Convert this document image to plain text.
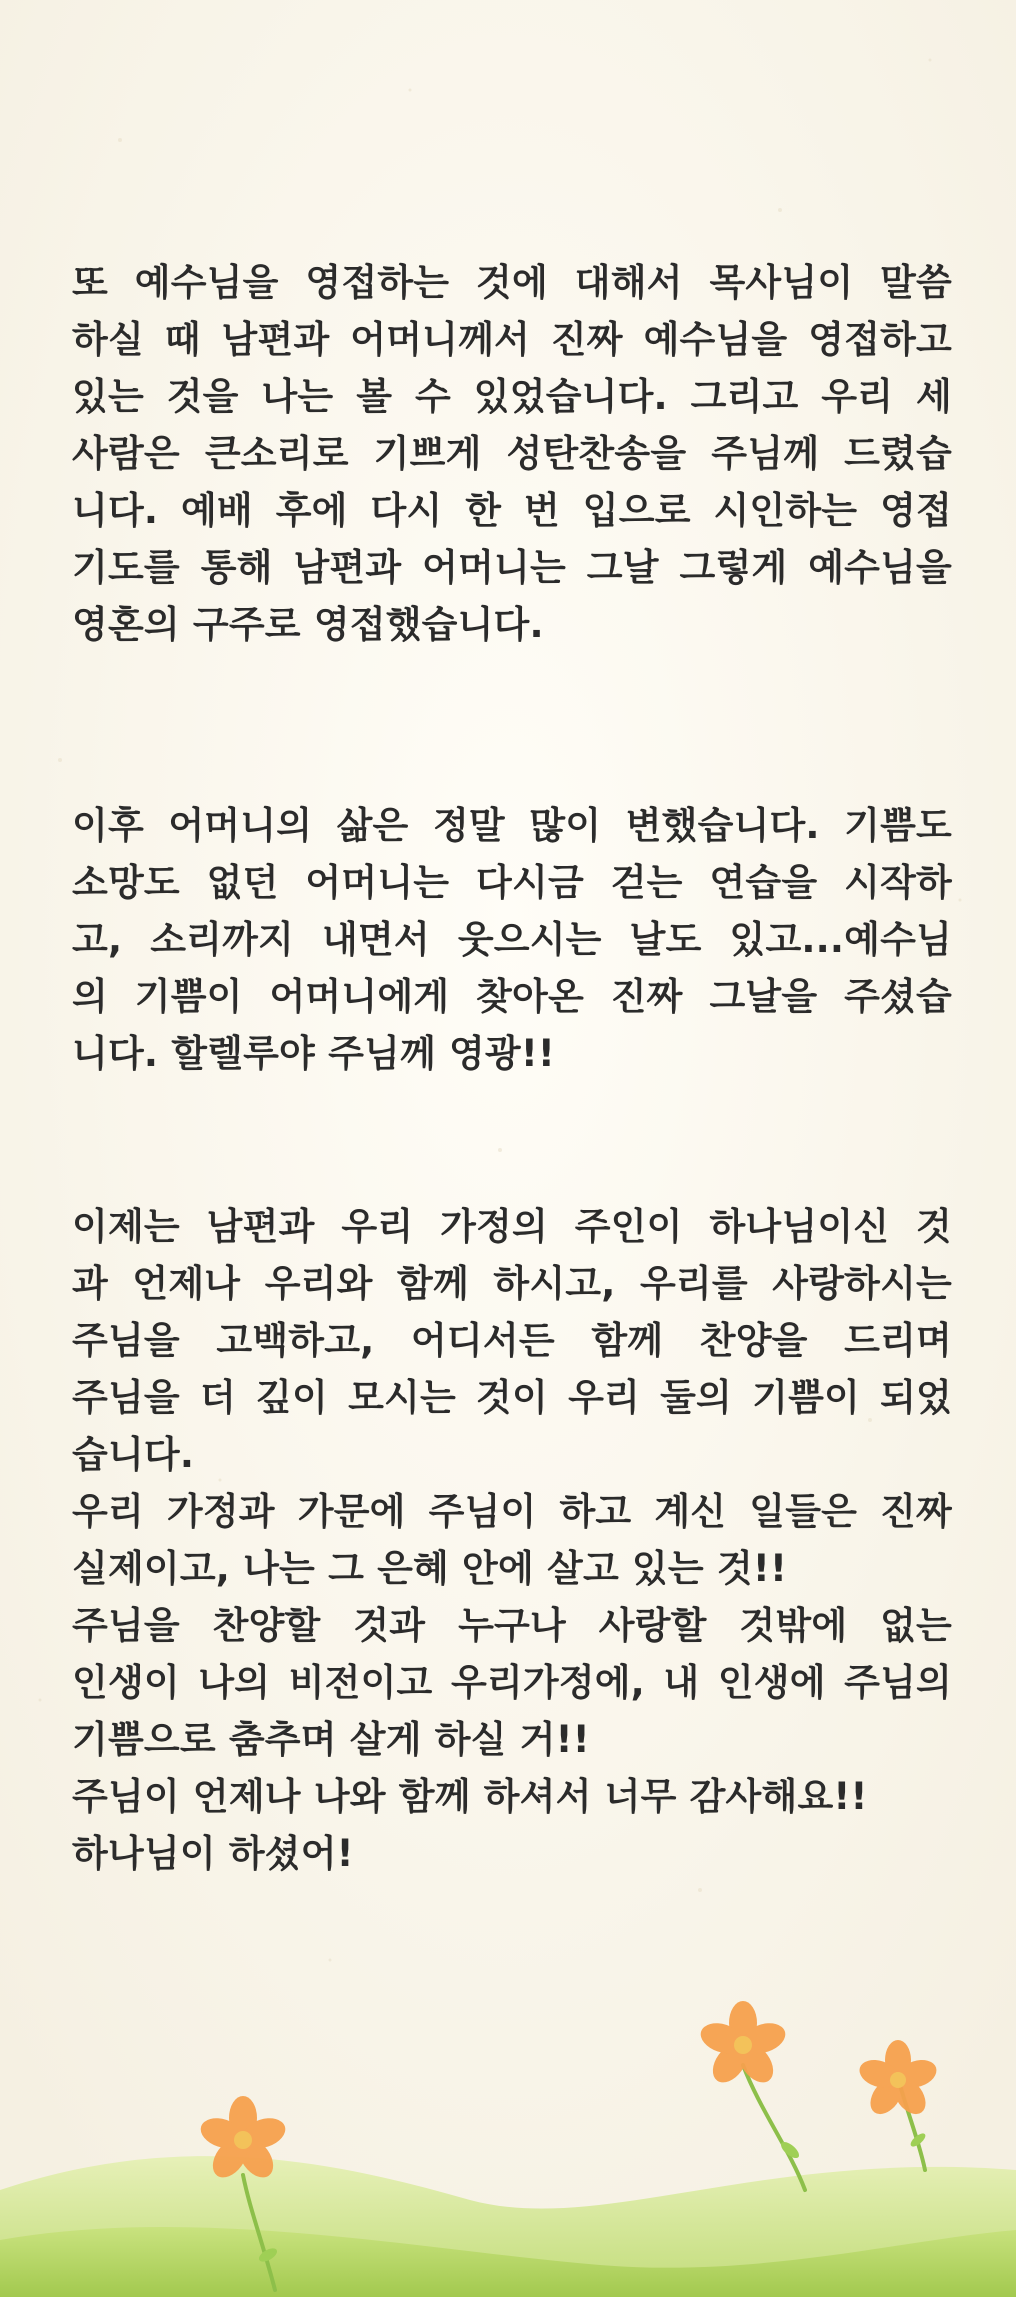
또 예수님을 영접하는 것에 대해서 목사님이 말씀
하실 때 남편과 어머니께서 진짜 예수님을 영접하고
있는 것을 나는 볼 수 있었습니다. 그리고 우리 세
사람은 큰소리로 기쁘게 성탄찬송을 주님께 드렸습
니다. 예배 후에 다시 한 번 입으로 시인하는 영접
기도를 통해 남편과 어머니는 그날 그렇게 예수님을
영혼의 구주로 영접했습니다.
이후 어머니의 삶은 정말 많이 변했습니다. 기쁨도
소망도 없던 어머니는 다시금 걷는 연습을 시작하
고, 소리까지 내면서 웃으시는 날도 있고...예수님
의 기쁨이 어머니에게 찾아온 진짜 그날을 주셨습
니다. 할렐루야 주님께 영광!!
이제는 남편과 우리 가정의 주인이 하나님이신 것
과 언제나 우리와 함께 하시고, 우리를 사랑하시는
주님을 고백하고, 어디서든 함께 찬양을 드리며
주님을 더 깊이 모시는 것이 우리 둘의 기쁨이 되었
습니다.
우리 가정과 가문에 주님이 하고 계신 일들은 진짜
실제이고, 나는 그 은혜 안에 살고 있는 것!!
주님을 찬양할 것과 누구나 사랑할 것밖에 없는
인생이 나의 비전이고 우리가정에, 내 인생에 주님의
기쁨으로 춤추며 살게 하실 거!!
주님이 언제나 나와 함께 하셔서 너무 감사해요!!
하나님이 하셨어!
